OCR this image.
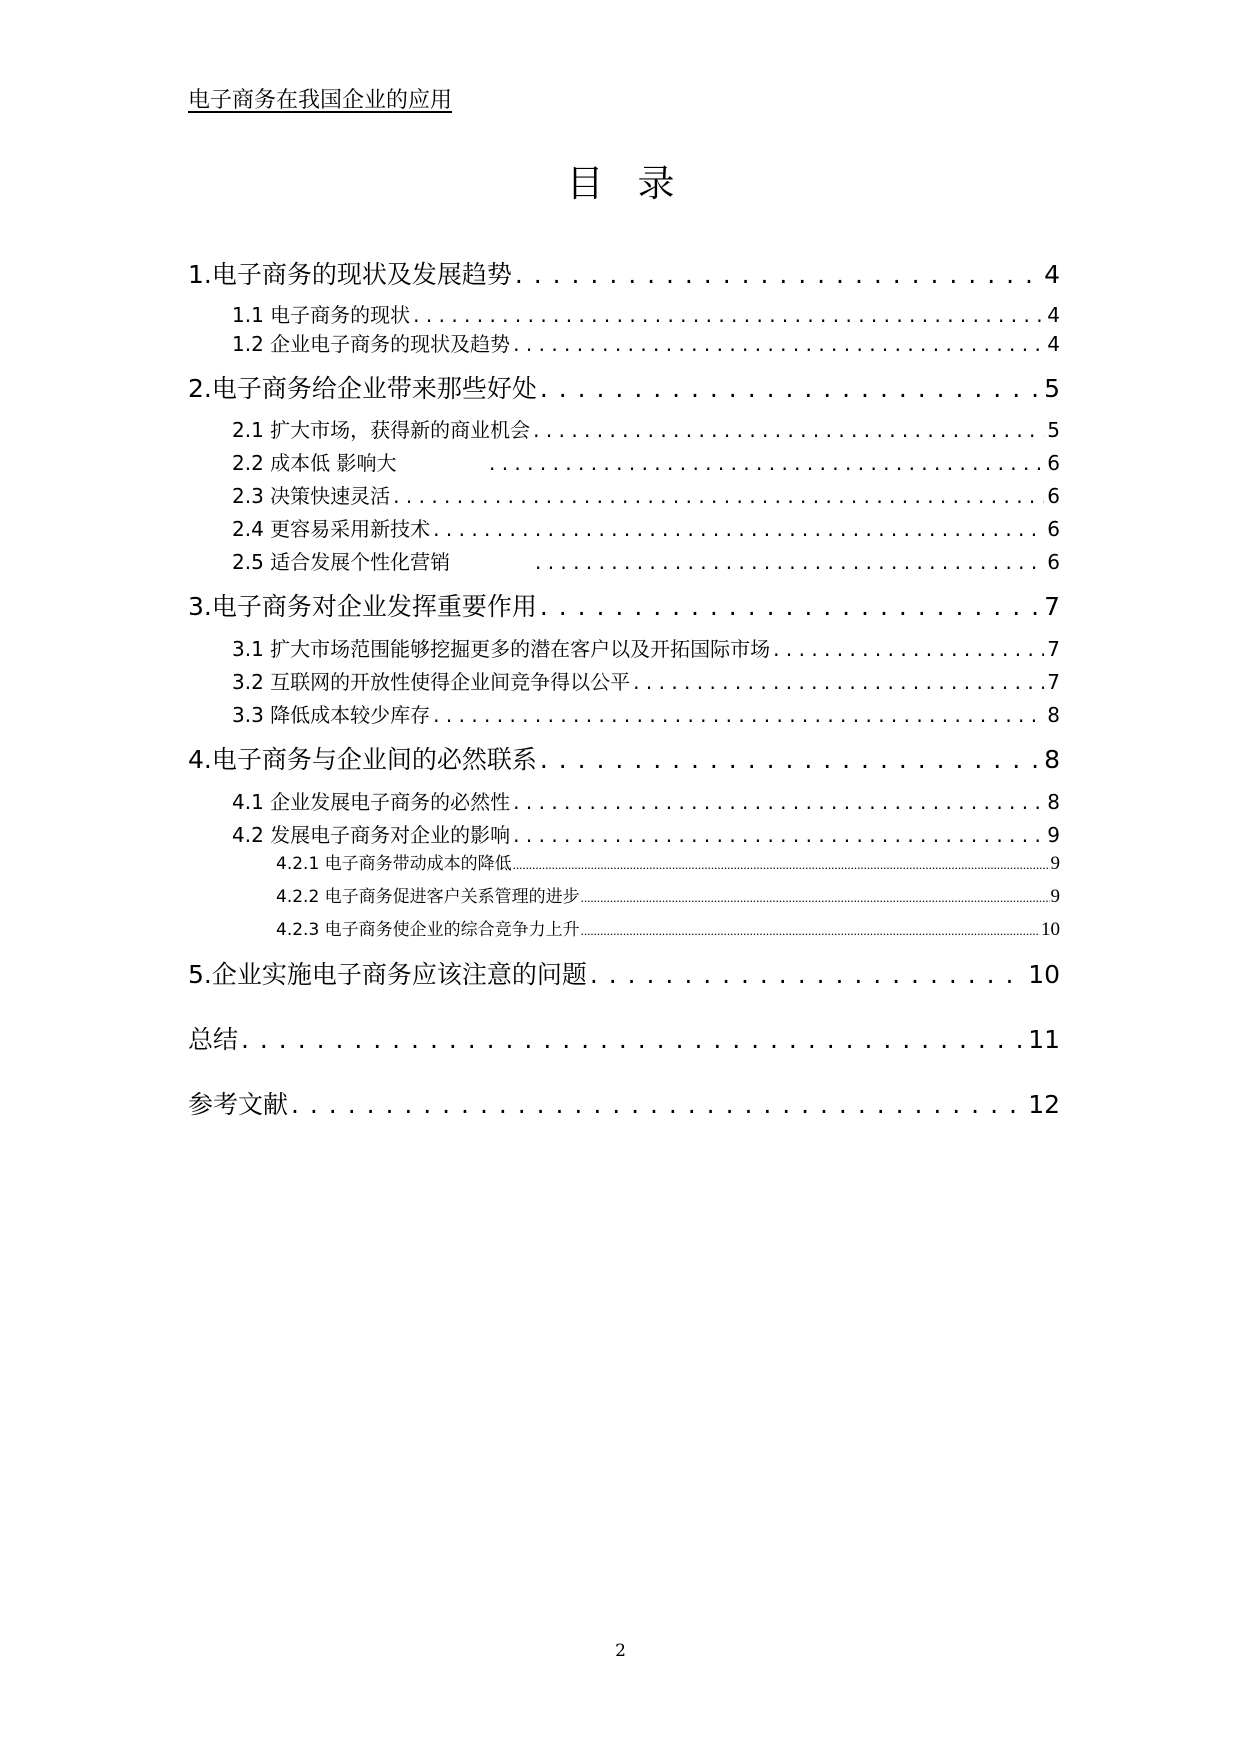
电子商务在我国企业的应用
目录
1.电子商务的现状及发展趋势 . . .	4
1.1 电子商务的现状 . . .	4
1.2 企业电子商务的现状及趋势 . . .	4
2.电子商务给企业带来那些好处 . . .	5
2.1 扩大市场，获得新的商业机会 . . .	5
2.2 成本低 影响大 . . .	6
2.3 决策快速灵活 . . .	6
2.4 更容易采用新技术 . . .	6
2.5 适合发展个性化营销 . . .	6
3.电子商务对企业发挥重要作用 . . .	7
3.1 扩大市场范围能够挖掘更多的潜在客户以及开拓国际市场 . . .	7
3.2 互联网的开放性使得企业间竞争得以公平 . . .	7
3.3 降低成本较少库存 . . .	8
4.电子商务与企业间的必然联系 . . .	8
4.1 企业发展电子商务的必然性 . . .	8
4.2 发展电子商务对企业的影响 . . .	9
4.2.1 电子商务带动成本的降低 .....	9
4.2.2 电子商务促进客户关系管理的进步 .....	9
4.2.3 电子商务使企业的综合竞争力上升 .....	10
5.企业实施电子商务应该注意的问题 . . .	10
总结 . . .	11
参考文献 . . .	12
2
